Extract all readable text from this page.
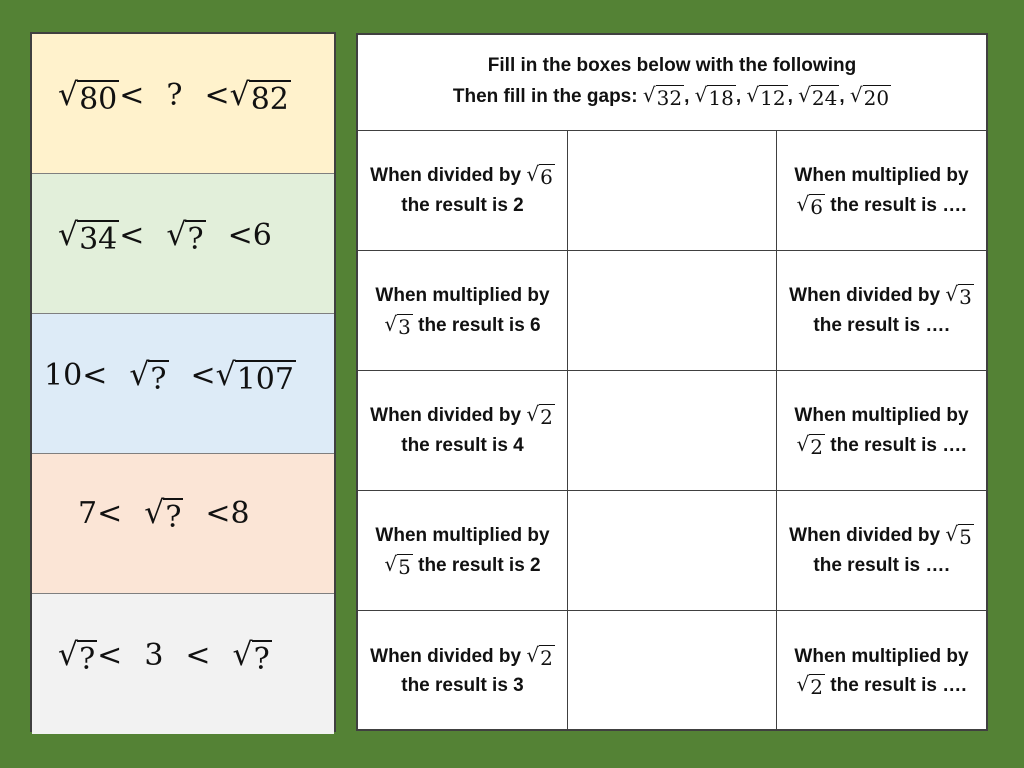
√ 80 < ? < √ 82
√ 34 < √ ? < 6
10 < √ ? < √ 107
7 < √ ? < 8
√ ? < 3 < √ ?
Fill in the boxes below with the following
Then fill in the gaps: √ 32 , √ 18 , √ 12 , √ 24 , √ 20
When divided by √ 6
the result is 2
When multiplied by
√ 6 the result is ….
When multiplied by
√ 3 the result is 6
When divided by √ 3
the result is ….
When divided by √ 2
the result is 4
When multiplied by
√ 2 the result is ….
When multiplied by
√ 5 the result is 2
When divided by √ 5
the result is ….
When divided by √ 2
the result is 3
When multiplied by
√ 2 the result is ….
